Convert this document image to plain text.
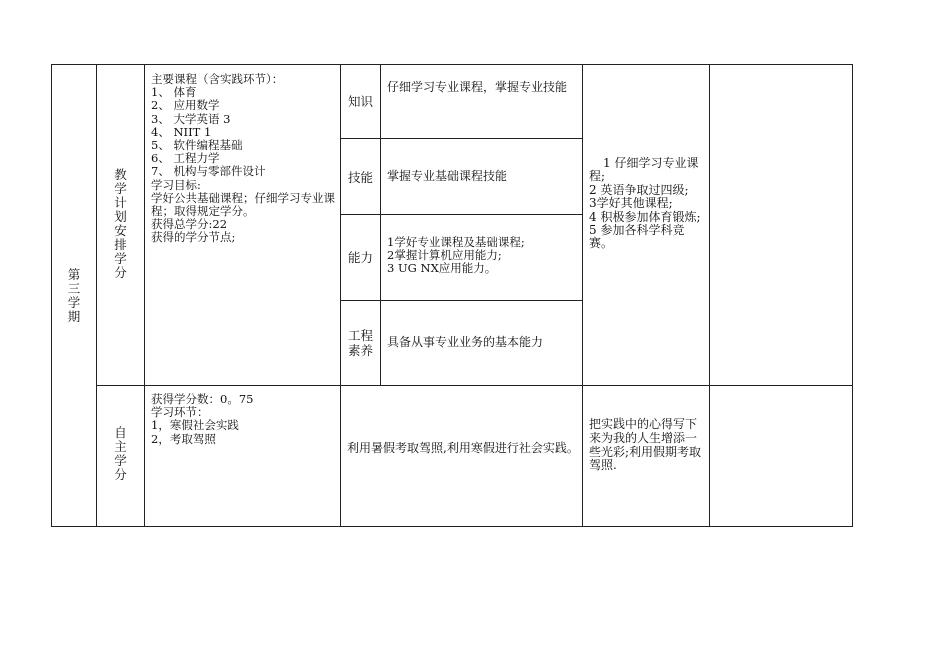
第
三
学
期
教
学
计
划
安
排
学
分
自
主
学
分
主要课程（含实践环节）：
1、 体育
2、 应用数学
3、 大学英语 3
4、 NIIT 1
5、 软件编程基础
6、 工程力学
7、 机构与零部件设计
学习目标:
学好公共基础课程；仔细学习专业课程；取得规定学分。
获得总学分:22
获得的学分节点;
知识
技能
能力
工程素养
仔细学习专业课程，掌握专业技能
掌握专业基础课程技能
1学好专业课程及基础课程;
2掌握计算机应用能力;
3 UG NX应用能力。
具备从事专业业务的基本能力
1 仔细学习专业课程;
2 英语争取过四级;
3学好其他课程;
4 积极参加体育锻炼;
5 参加各科学科竞赛。
获得学分数：0。75
学习环节：
1，寒假社会实践
2，考取驾照
利用暑假考取驾照,利用寒假进行社会实践。
把实践中的心得写下来为我的人生增添一些光彩;利用假期考取驾照.
